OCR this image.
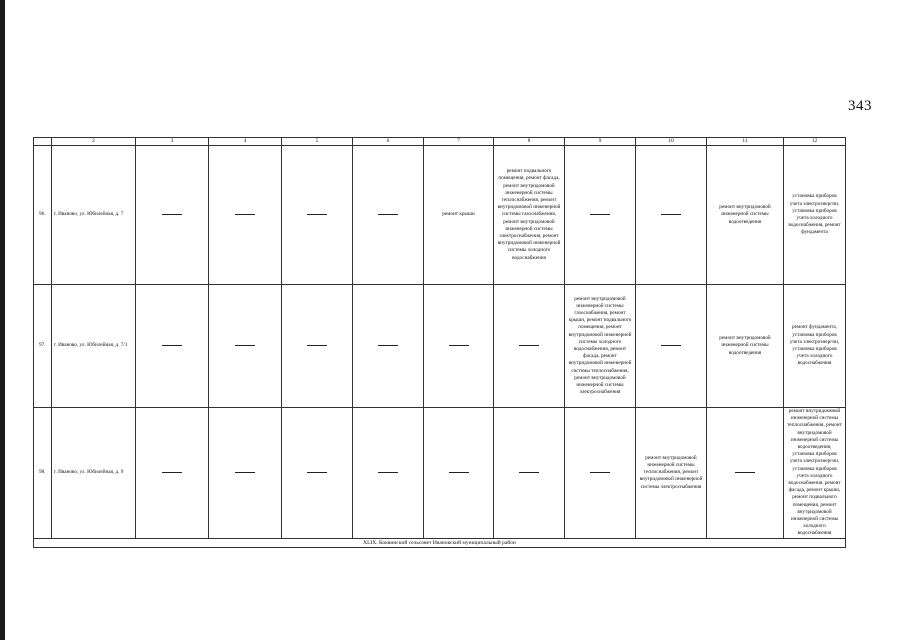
343
	2	3	4	5	6	7	8	9	10	11	12
96.	г. Иваново, ул. Юбилейная, д. 7					ремонт крыши	ремонт подвального помещения, ремонт фасада, ремонт внутридомовой инженерной системы теплоснабжения, ремонт внутридомовой инженерной системы газоснабжения, ремонт внутридомовой инженерной системы электроснабжения, ремонт внутридомовой инженерной системы холодного водоснабжения			ремонт внутридомовой инженерной системы водоотведения	установка приборов учета электроэнергии, установка приборов учета холодного водоснабжения, ремонт фундамента
97.	г. Иваново, ул. Юбилейная, д. 7/1							ремонт внутридомовой инженерной системы газоснабжения, ремонт крыши, ремонт подвального помещения, ремонт внутридомовой инженерной системы холодного водоснабжения, ремонт фасада, ремонт внутридомовой инженерной системы теплоснабжения, ремонт внутридомовой инженерной системы электроснабжения		ремонт внутридомовой инженерной системы водоотведения	ремонт фундамента, установка приборов учета электроэнергии, установка приборов учета холодного водоснабжения
98.	г. Иваново, ул. Юбилейная, д. 9								ремонт внутридомовой инженерной системы теплоснабжения, ремонт внутридомовой инженерной системы электроснабжения		ремонт внутридомовой инженерной системы теплоснабжения, ремонт внутридомовой инженерной системы водоотведения, установка приборов учета электроэнергии, установка приборов учета холодного водоснабжения, ремонт фасада, ремонт крыши, ремонт подвального помещения, ремонт внутридомовой инженерной системы холодного водоснабжения
XLIX. Коквинский сельсовет Ивановский муниципальный район											
